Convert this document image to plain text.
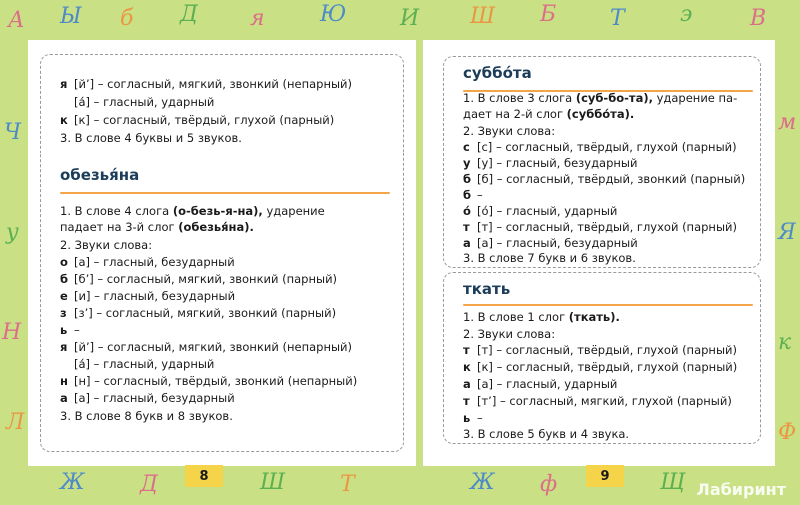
А Ы б Д я	Ю И Ш Б Т	э	В
Ч
у
Н
Л
м
Я
к
Ф
Ж	Д	Ш Т	Ж ф	Щ
я [й’] – согласный, мягкий, звонкий (непарный)
[а́] – гласный, ударный
к [к] – согласный, твёрдый, глухой (парный)
3. В слове 4 буквы и 5 звуков.
обезьяна
1. В слове 4 слога (о-безь-я-на), ударение
падает на 3-й слог (обезья́на).
2. Звуки слова:
о [а] – гласный, безударный
б [б’] – согласный, мягкий, звонкий (парный)
е [и] – гласный, безударный
з [з’] – согласный, мягкий, звонкий (парный)
ь –
я [й’] – согласный, мягкий, звонкий (непарный)
[а́] – гласный, ударный
н [н] – согласный, твёрдый, звонкий (непарный)
а [а] – гласный, безударный
3. В слове 8 букв и 8 звуков.
суббота
1. В слове 3 слога (суб-бо-та), ударение па-
дает на 2-й слог (суббо́та).
2. Звуки слова:
с [с] – согласный, твёрдый, глухой (парный)
у [у] – гласный, безударный
б [б] – согласный, твёрдый, звонкий (парный)
б –
о́ [о́] – гласный, ударный
т [т] – согласный, твёрдый, глухой (парный)
а [а] – гласный, безударный
3. В слове 7 букв и 6 звуков.
ткать
1. В слове 1 слог (ткать).
2. Звуки слова:
т [т] – согласный, твёрдый, глухой (парный)
к [к] – согласный, твёрдый, глухой (парный)
а [а] – гласный, ударный
т [т’] – согласный, мягкий, глухой (парный)
ь –
3. В слове 5 букв и 4 звука.
8	9
Лабиринт
